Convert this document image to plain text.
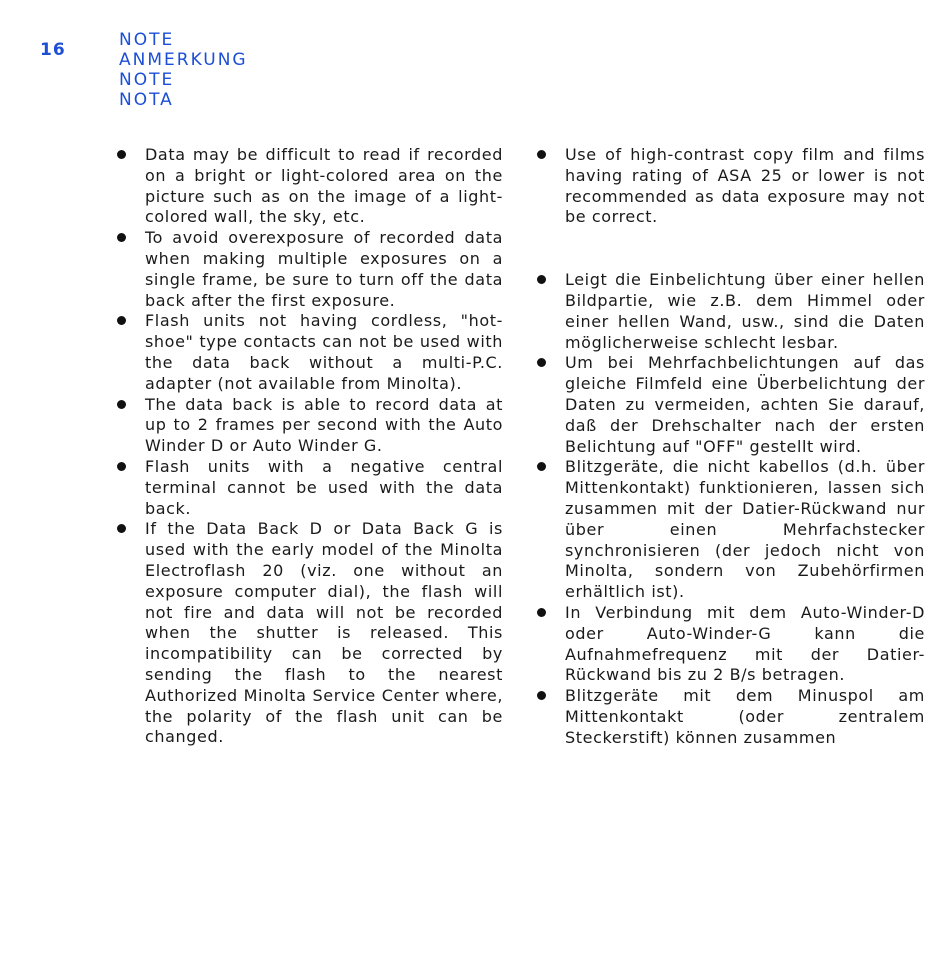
16	NOTE
ANMERKUNG
NOTE
NOTA
Data may be difficult to read if recorded on a bright or light-colored area on the picture such as on the image of a light-colored wall, the sky, etc.
To avoid overexposure of recorded data when making multiple exposures on a single frame, be sure to turn off the data back after the first exposure.
Flash units not having cordless, "hot-shoe" type contacts can not be used with the data back without a multi-P.C. adapter (not available from Minolta).
The data back is able to record data at up to 2 frames per second with the Auto Winder D or Auto Winder G.
Flash units with a negative central terminal cannot be used with the data back.
If the Data Back D or Data Back G is used with the early model of the Minolta Electroflash 20 (viz. one without an exposure computer dial), the flash will not fire and data will not be recorded when the shutter is released. This incompatibility can be corrected by sending the flash to the nearest Authorized Minolta Service Center where, the polarity of the flash unit can be changed.
Use of high-contrast copy film and films having rating of ASA 25 or lower is not recommended as data exposure may not be correct.
Leigt die Einbelichtung über einer hellen Bildpartie, wie z.B. dem Himmel oder einer hellen Wand, usw., sind die Daten möglicherweise schlecht lesbar.
Um bei Mehrfachbelichtungen auf das gleiche Filmfeld eine Überbelichtung der Daten zu vermeiden, achten Sie darauf, daß der Drehschalter nach der ersten Belichtung auf "OFF" gestellt wird.
Blitzgeräte, die nicht kabellos (d.h. über Mittenkontakt) funktionieren, lassen sich zusammen mit der Datier-Rückwand nur über einen Mehrfachstecker synchronisieren (der jedoch nicht von Minolta, sondern von Zubehörfirmen erhältlich ist).
In Verbindung mit dem Auto-Winder-D oder Auto-Winder-G kann die Aufnahmefrequenz mit der Datier-Rückwand bis zu 2 B/s betragen.
Blitzgeräte mit dem Minuspol am Mittenkontakt (oder zentralem Steckerstift) können zusammen
